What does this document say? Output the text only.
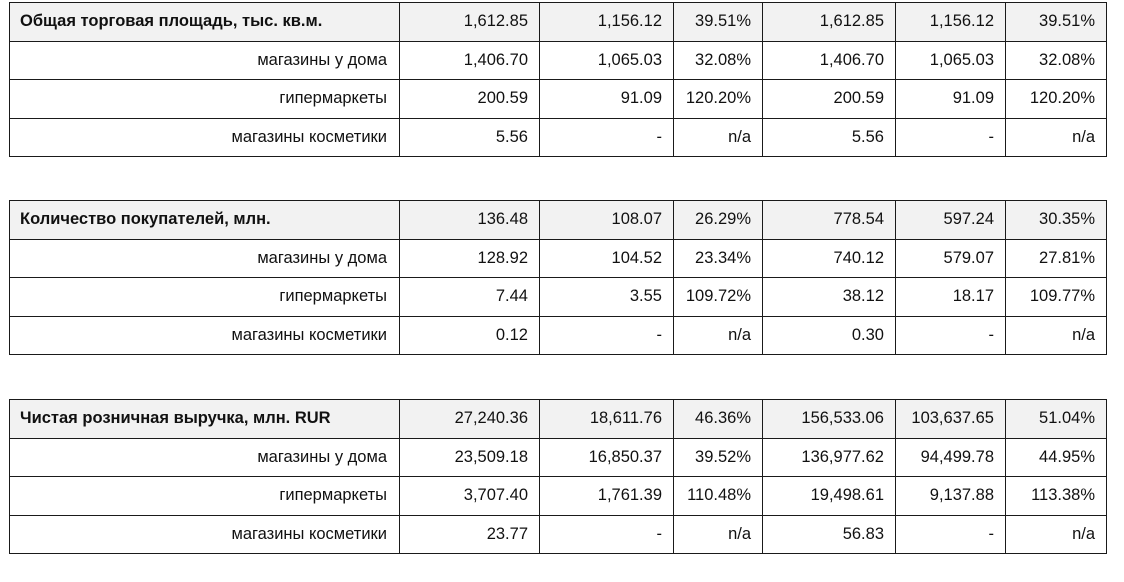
Общая торговая площадь, тыс. кв.м.	1,612.85	1,156.12	39.51%	1,612.85	1,156.12	39.51%
магазины у дома	1,406.70	1,065.03	32.08%	1,406.70	1,065.03	32.08%
гипермаркеты	200.59	91.09	120.20%	200.59	91.09	120.20%
магазины косметики	5.56	-	n/a	5.56	-	n/a
Количество покупателей, млн.	136.48	108.07	26.29%	778.54	597.24	30.35%
магазины у дома	128.92	104.52	23.34%	740.12	579.07	27.81%
гипермаркеты	7.44	3.55	109.72%	38.12	18.17	109.77%
магазины косметики	0.12	-	n/a	0.30	-	n/a
Чистая розничная выручка, млн. RUR	27,240.36	18,611.76	46.36%	156,533.06	103,637.65	51.04%
магазины у дома	23,509.18	16,850.37	39.52%	136,977.62	94,499.78	44.95%
гипермаркеты	3,707.40	1,761.39	110.48%	19,498.61	9,137.88	113.38%
магазины косметики	23.77	-	n/a	56.83	-	n/a
